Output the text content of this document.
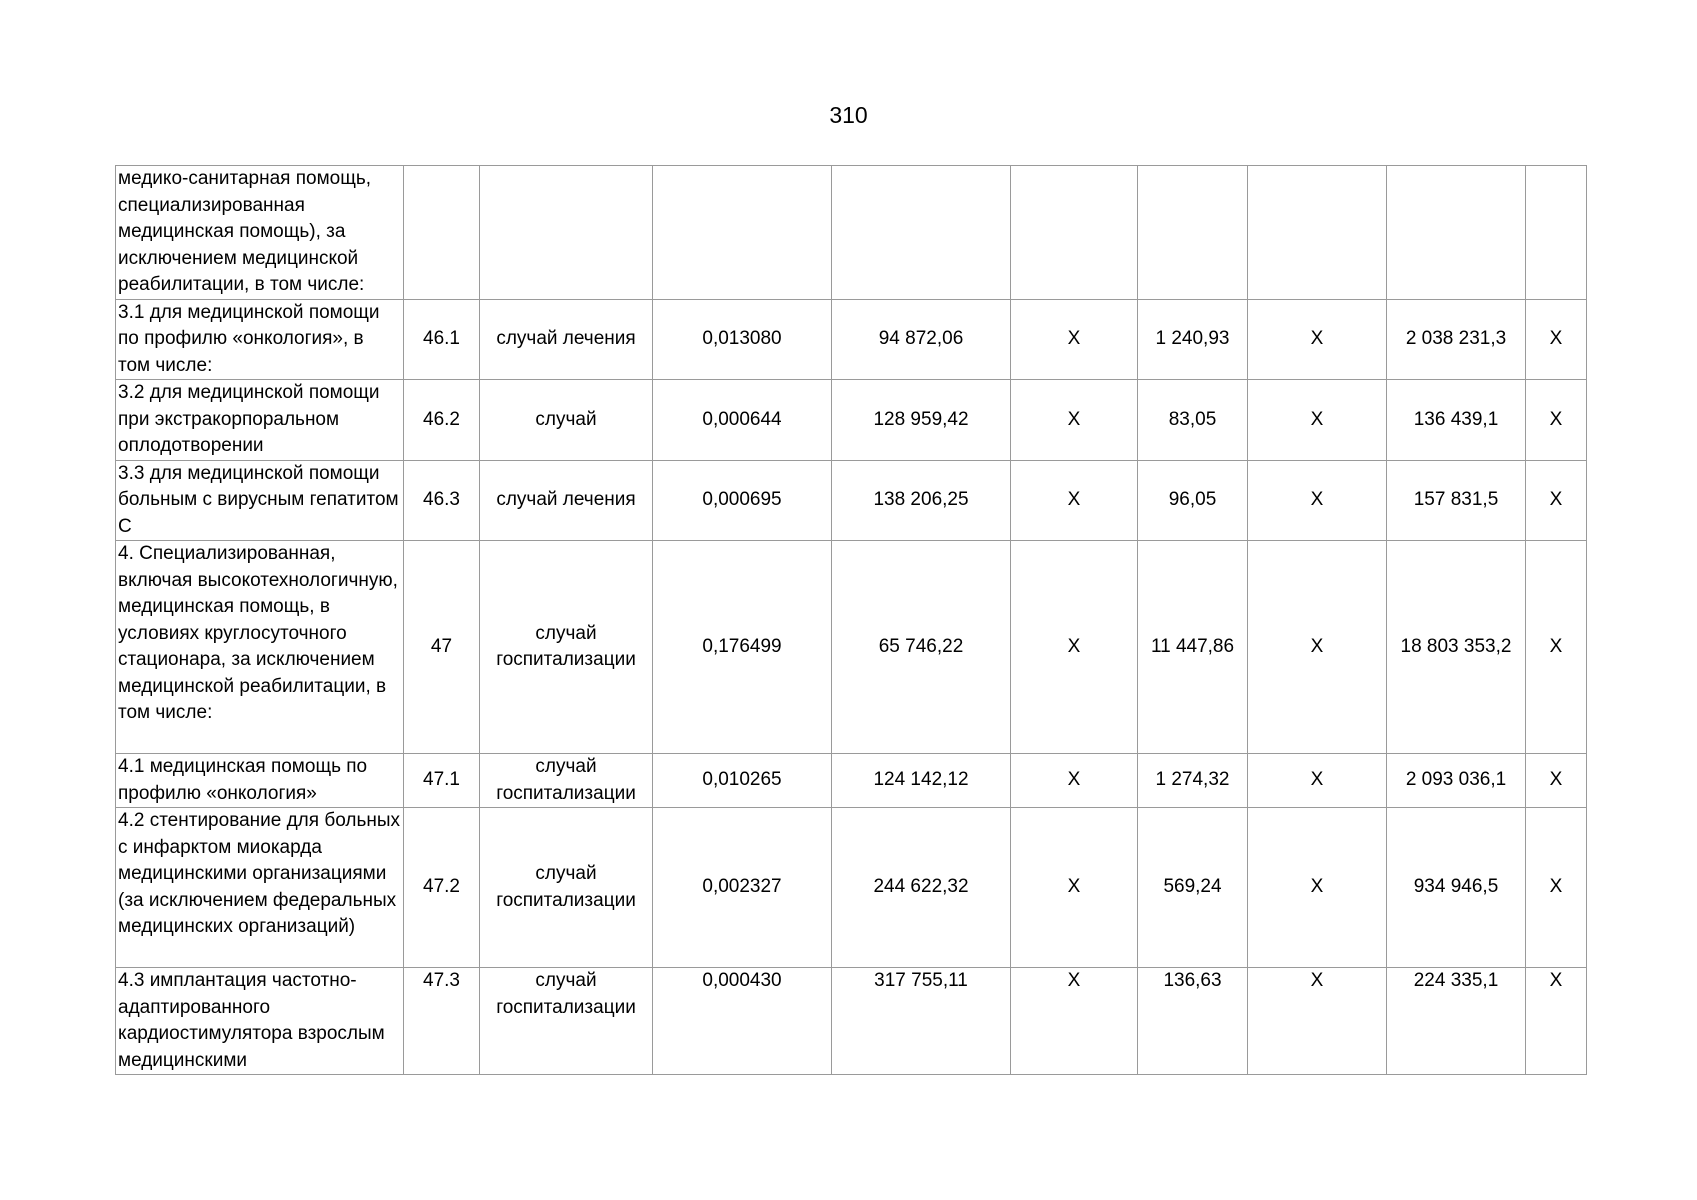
310
медико-санитарная помощь, специализированная медицинская помощь), за исключением медицинской реабилитации, в том числе:									
3.1 для медицинской помощи по профилю «онкология», в том числе:	46.1	случай лечения	0,013080	94 872,06	X	1 240,93	X	2 038 231,3	X
3.2 для медицинской помощи при экстракорпоральном оплодотворении	46.2	случай	0,000644	128 959,42	X	83,05	X	136 439,1	X
3.3 для медицинской помощи больным с вирусным гепатитом С	46.3	случай лечения	0,000695	138 206,25	X	96,05	X	157 831,5	X
4. Специализированная, включая высокотехнологичную, медицинская помощь, в условиях круглосуточного стационара, за исключением медицинской реабилитации, в том числе:	47	случай госпитализации	0,176499	65 746,22	X	11 447,86	X	18 803 353,2	X
4.1 медицинская помощь по профилю «онкология»	47.1	случай госпитализации	0,010265	124 142,12	X	1 274,32	X	2 093 036,1	X
4.2 стентирование для больных с инфарктом миокарда медицинскими организациями (за исключением федеральных медицинских организаций)	47.2	случай госпитализации	0,002327	244 622,32	X	569,24	X	934 946,5	X
4.3 имплантация частотно-адаптированного кардиостимулятора взрослым медицинскими	47.3	случай госпитализации	0,000430	317 755,11	X	136,63	X	224 335,1	X
